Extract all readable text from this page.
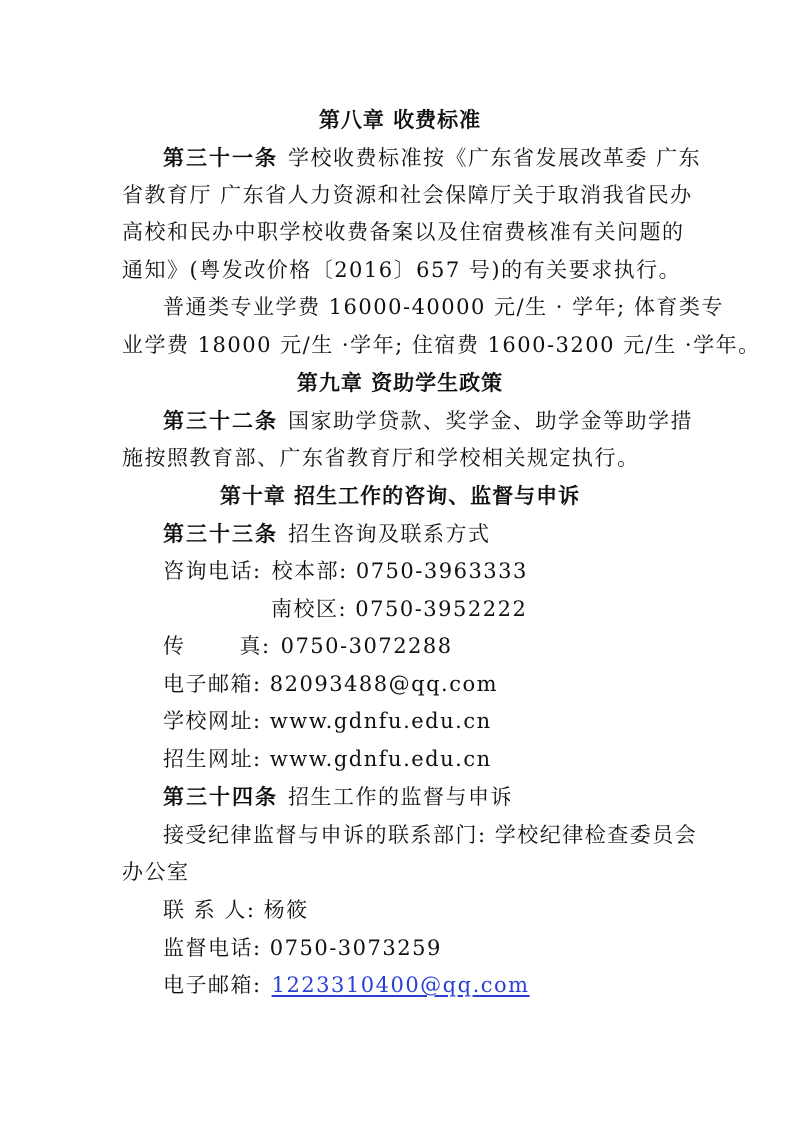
第八章 收费标准
第三十一条 学校收费标准按《广东省发展改革委 广东
省教育厅 广东省人力资源和社会保障厅关于取消我省民办
高校和民办中职学校收费备案以及住宿费核准有关问题的
通知》(粤发改价格〔2016〕657 号)的有关要求执行。
普通类专业学费 16000-40000 元/生 · 学年; 体育类专
业学费 18000 元/生 ·学年; 住宿费 1600-3200 元/生 ·学年。
第九章 资助学生政策
第三十二条 国家助学贷款、奖学金、助学金等助学措
施按照教育部、广东省教育厅和学校相关规定执行。
第十章 招生工作的咨询、监督与申诉
第三十三条 招生咨询及联系方式
咨询电话: 校本部: 0750-3963333
南校区: 0750-3952222
传	真: 0750-3072288
电子邮箱: 82093488@qq.com
学校网址: www.gdnfu.edu.cn
招生网址: www.gdnfu.edu.cn
第三十四条 招生工作的监督与申诉
接受纪律监督与申诉的联系部门: 学校纪律检查委员会
办公室
联 系 人: 杨筱
监督电话: 0750-3073259
电子邮箱: 1223310400@qq.com
